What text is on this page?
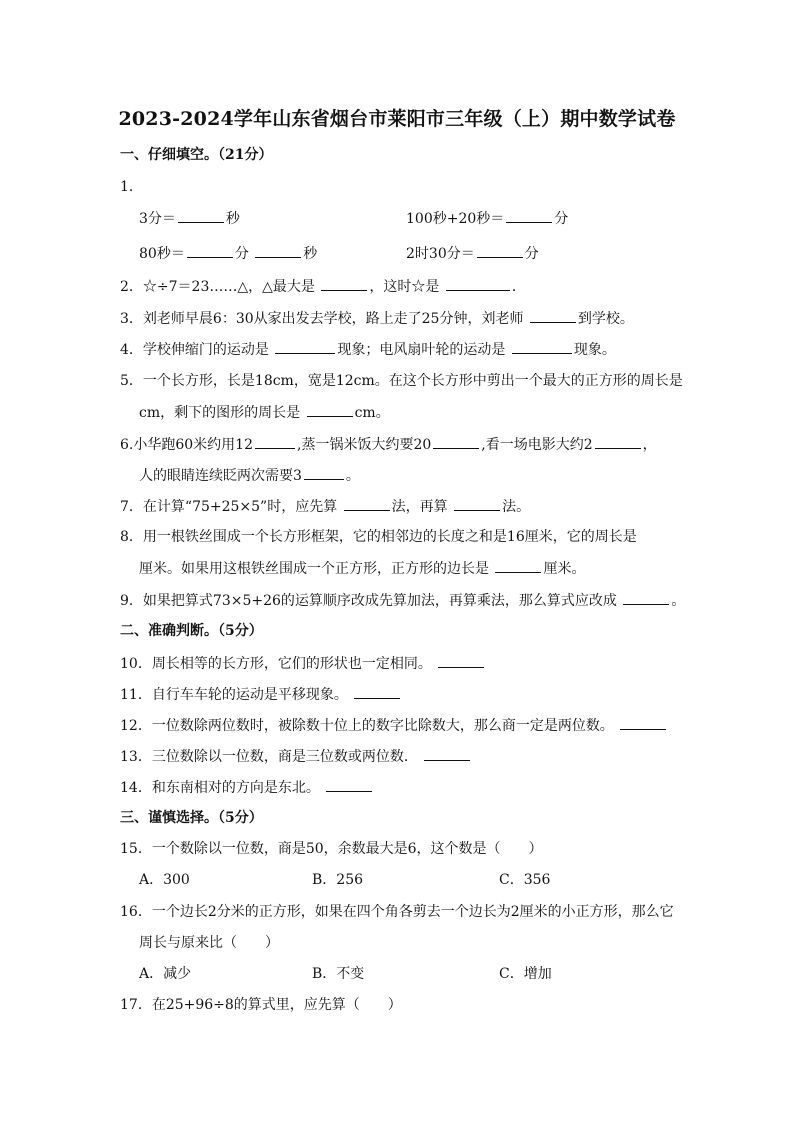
2023-2024学年山东省烟台市莱阳市三年级（上）期中数学试卷
一、仔细填空。（21分）
1．
3分＝	秒	100秒+20秒＝	分
80秒＝	分	秒	2时30分＝	分
2．☆÷7＝23……△，△最大是	，这时☆是	．
3．刘老师早晨6：30从家出发去学校，路上走了25分钟，刘老师	到学校。
4．学校伸缩门的运动是	现象；电风扇叶轮的运动是	现象。
5．一个长方形，长是18cm，宽是12cm。在这个长方形中剪出一个最大的正方形的周长是
cm，剩下的图形的周长是	cm。
6.小华跑60米约用12	,蒸一锅米饭大约要20	,看一场电影大约2	，
人的眼睛连续眨两次需要3	。
7．在计算“75+25×5”时，应先算	法，再算	法。
8．用一根铁丝围成一个长方形框架，它的相邻边的长度之和是16厘米，它的周长是
厘米。如果用这根铁丝围成一个正方形，正方形的边长是	厘米。
9．如果把算式73×5+26的运算顺序改成先算加法，再算乘法，那么算式应改成	。
二、准确判断。（5分）
10．周长相等的长方形，它们的形状也一定相同。
11．自行车车轮的运动是平移现象。
12．一位数除两位数时，被除数十位上的数字比除数大，那么商一定是两位数。
13．三位数除以一位数，商是三位数或两位数．
14．和东南相对的方向是东北。
三、谨慎选择。（5分）
15．一个数除以一位数，商是50，余数最大是6，这个数是（　　）
A．300	B．256	C．356
16．一个边长2分米的正方形，如果在四个角各剪去一个边长为2厘米的小正方形，那么它
周长与原来比（　　）
A．减少	B．不变	C．增加
17．在25+96÷8的算式里，应先算（　　）
